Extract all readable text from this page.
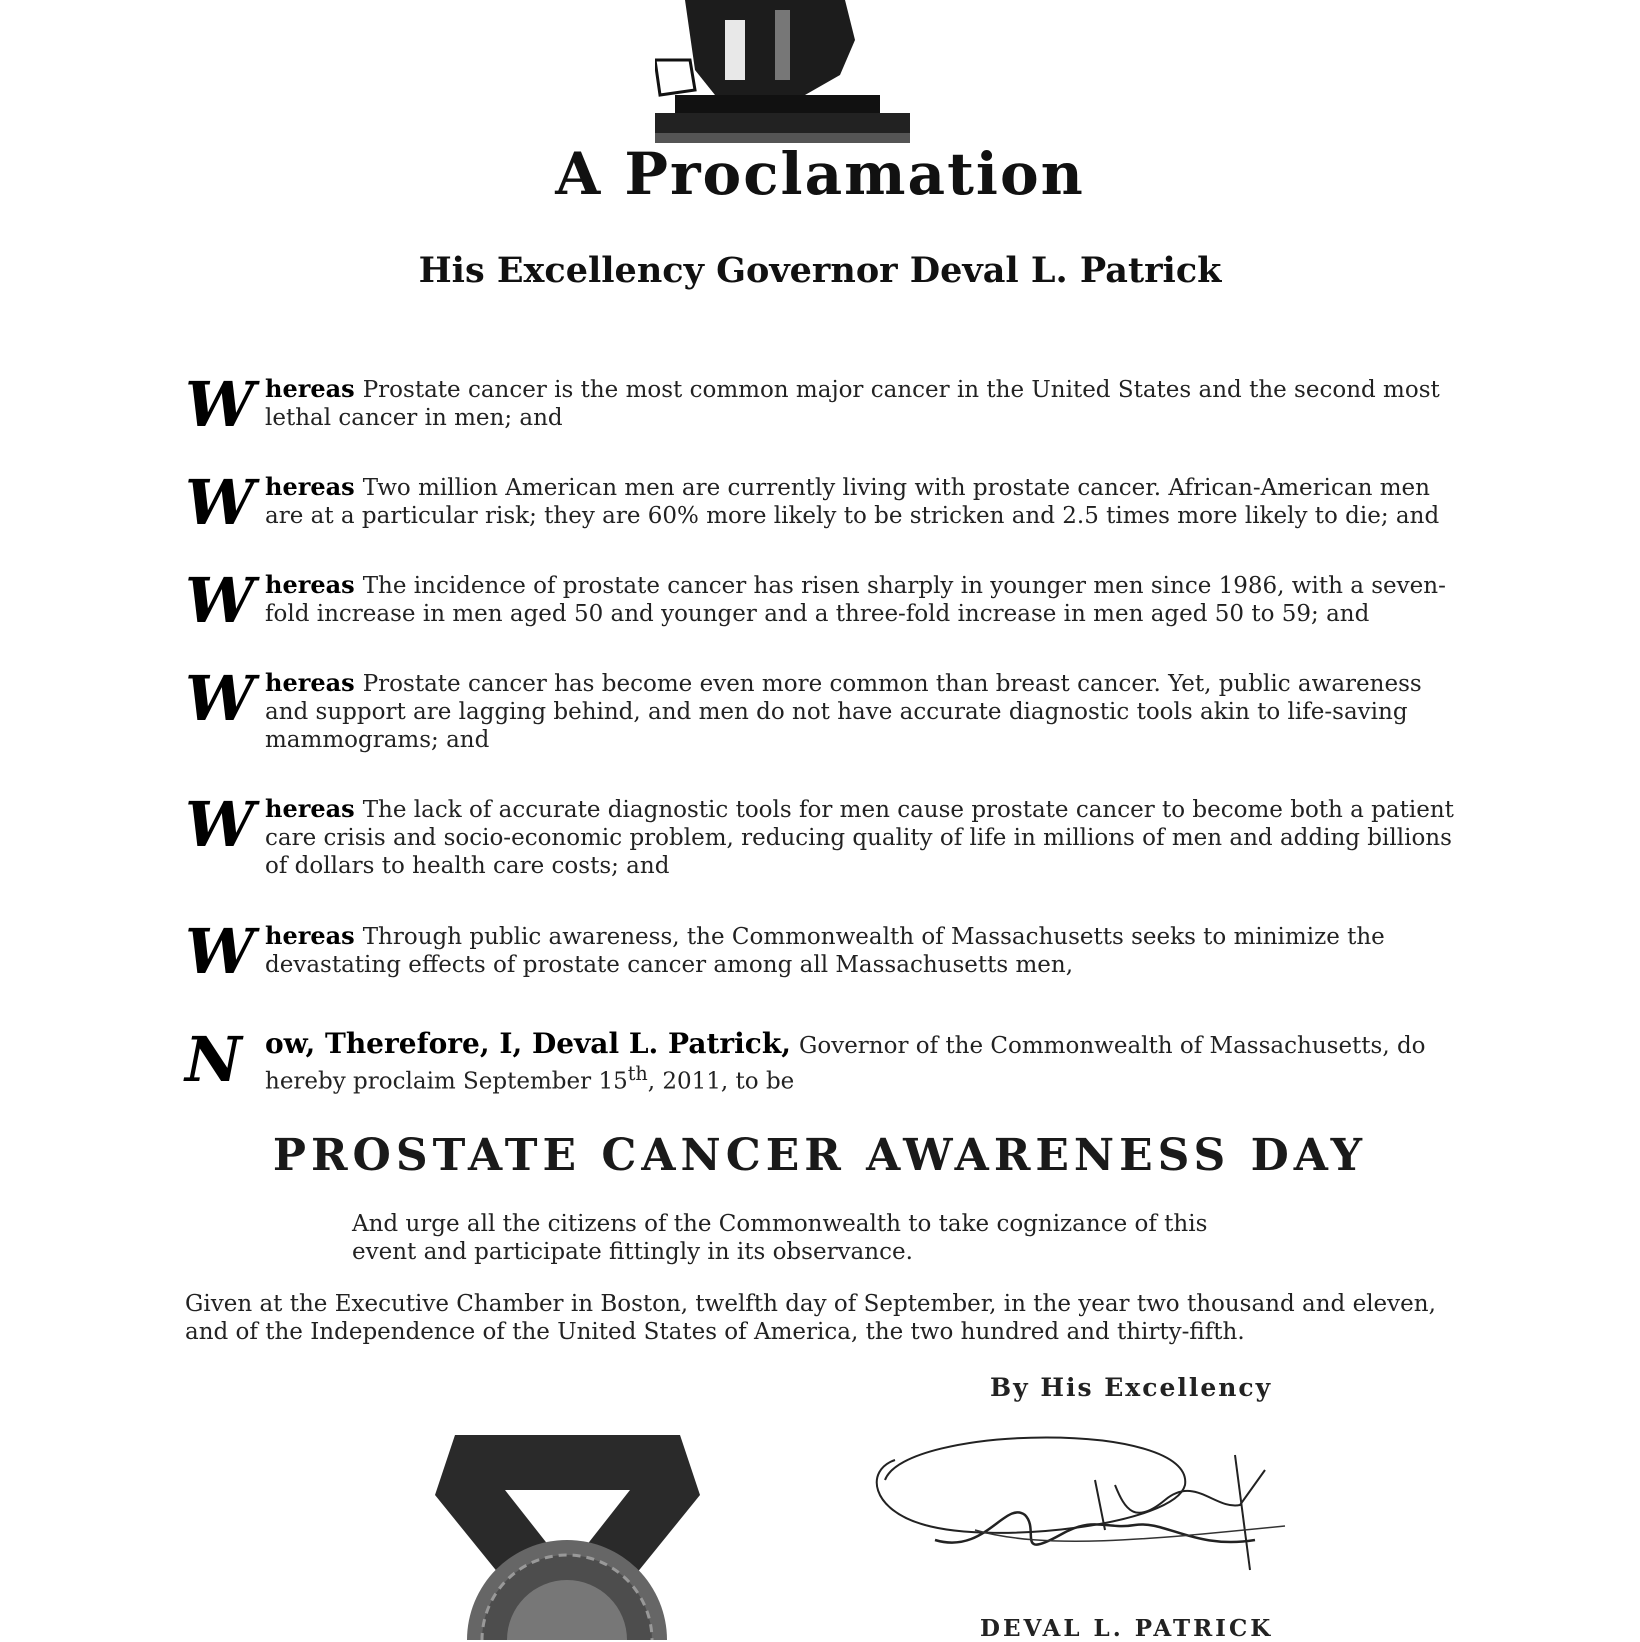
A Proclamation
His Excellency Governor Deval L. Patrick
W hereas Prostate cancer is the most common major cancer in the United States and the second most lethal cancer in men; and
W hereas Two million American men are currently living with prostate cancer. African-American men are at a particular risk; they are 60% more likely to be stricken and 2.5 times more likely to die; and
W hereas The incidence of prostate cancer has risen sharply in younger men since 1986, with a seven-fold increase in men aged 50 and younger and a three-fold increase in men aged 50 to 59; and
W hereas Prostate cancer has become even more common than breast cancer. Yet, public awareness and support are lagging behind, and men do not have accurate diagnostic tools akin to life-saving mammograms; and
W hereas The lack of accurate diagnostic tools for men cause prostate cancer to become both a patient care crisis and socio-economic problem, reducing quality of life in millions of men and adding billions of dollars to health care costs; and
W hereas Through public awareness, the Commonwealth of Massachusetts seeks to minimize the devastating effects of prostate cancer among all Massachusetts men,
N ow, Therefore, I, Deval L. Patrick, Governor of the Commonwealth of Massachusetts, do hereby proclaim September 15th, 2011, to be
PROSTATE CANCER AWARENESS DAY
And urge all the citizens of the Commonwealth to take cognizance of this event and participate fittingly in its observance.
Given at the Executive Chamber in Boston, twelfth day of September, in the year two thousand and eleven, and of the Independence of the United States of America, the two hundred and thirty-fifth.
By His Excellency
DEVAL L. PATRICK
